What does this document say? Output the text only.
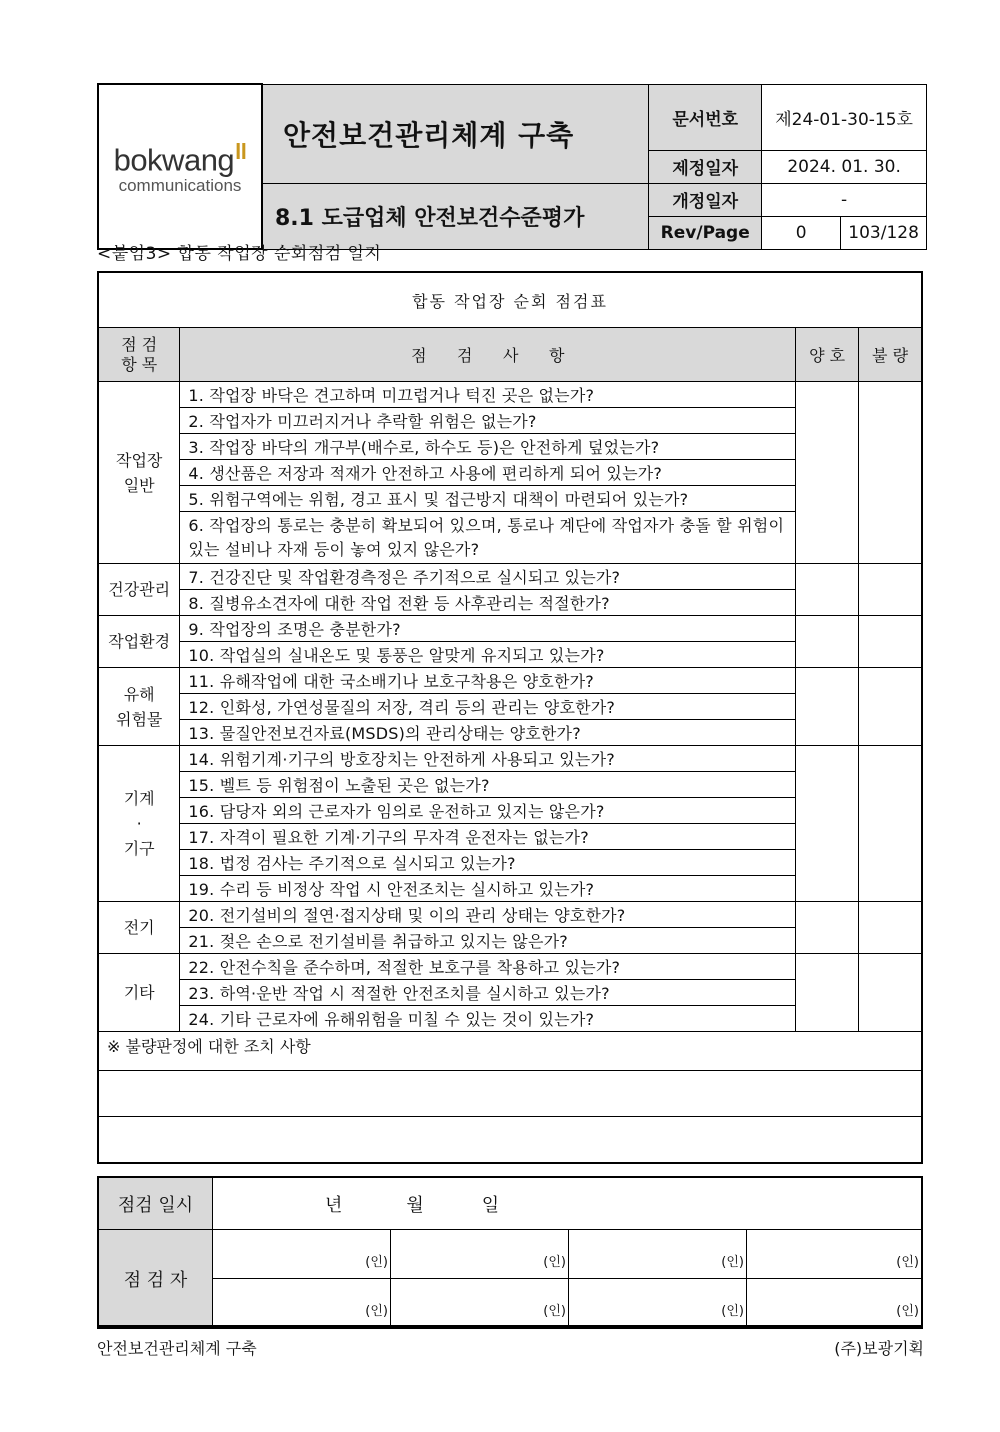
bokwang$^{ll}$
communications	안전보건관리체계 구축	문서번호	제24-01-30-15호	
		제정일자	2024. 01. 30.	
	8.1 도급업체 안전보건수준평가	개정일자	-	
		Rev/Page	0	103/128
<붙임3> 합동 작업장 순회점검 일지
합동 작업장 순회 점검표			
점 검
항 목	점      검      사      항	양 호	불 량
작업장
일반	1. 작업장 바닥은 견고하며 미끄럽거나 턱진 곳은 없는가?		
	2. 작업자가 미끄러지거나 추락할 위험은 없는가?		
	3. 작업장 바닥의 개구부(배수로, 하수도 등)은 안전하게 덮었는가?		
	4. 생산품은 저장과 적재가 안전하고 사용에 편리하게 되어 있는가?		
	5. 위험구역에는 위험, 경고 표시 및 접근방지 대책이 마련되어 있는가?		
	6. 작업장의 통로는 충분히 확보되어 있으며, 통로나 계단에 작업자가 충돌 할 위험이 있는 설비나 자재 등이 놓여 있지 않은가?		
건강관리	7. 건강진단 및 작업환경측정은 주기적으로 실시되고 있는가?		
	8. 질병유소견자에 대한 작업 전환 등 사후관리는 적절한가?		
작업환경	9. 작업장의 조명은 충분한가?		
	10. 작업실의 실내온도 및 통풍은 알맞게 유지되고 있는가?		
유해
위험물	11. 유해작업에 대한 국소배기나 보호구착용은 양호한가?		
	12. 인화성, 가연성물질의 저장, 격리 등의 관리는 양호한가?		
	13. 물질안전보건자료(MSDS)의 관리상태는 양호한가?		
기계
·
기구	14. 위험기계·기구의 방호장치는 안전하게 사용되고 있는가?		
	15. 벨트 등 위험점이 노출된 곳은 없는가?		
	16. 담당자 외의 근로자가 임의로 운전하고 있지는 않은가?		
	17. 자격이 필요한 기계·기구의 무자격 운전자는 없는가?		
	18. 법정 검사는 주기적으로 실시되고 있는가?		
	19. 수리 등 비정상 작업 시 안전조치는 실시하고 있는가?		
전기	20. 전기설비의 절연·접지상태 및 이의 관리 상태는 양호한가?		
	21. 젖은 손으로 전기설비를 취급하고 있지는 않은가?		
기타	22. 안전수칙을 준수하며, 적절한 보호구를 착용하고 있는가?		
	23. 하역·운반 작업 시 적절한 안전조치를 실시하고 있는가?		
	24. 기타 근로자에 유해위험을 미칠 수 있는 것이 있는가?		
※ 불량판정에 대한 조치 사항			

점검 일시	년 월 일			
점 검 자	(인)	(인)	(인)	(인)
	(인)	(인)	(인)	(인)
안전보건관리체계 구축	(주)보광기획
